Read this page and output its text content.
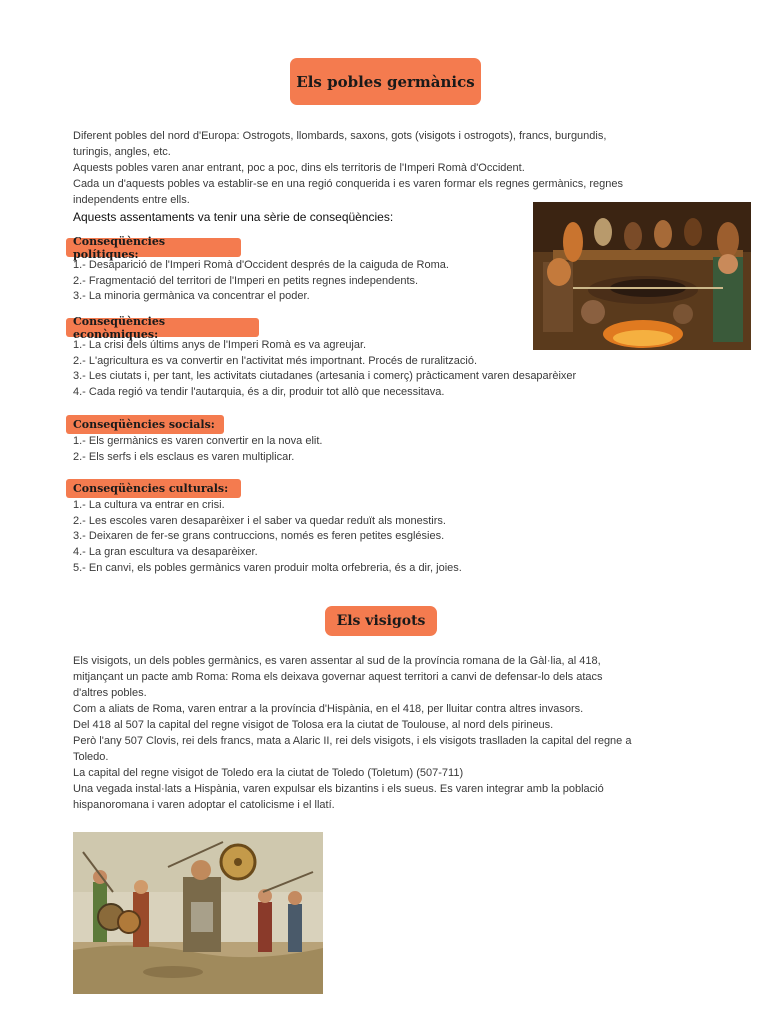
Els pobles germànics
Diferent pobles del nord d'Europa: Ostrogots, llombards, saxons, gots (visigots i ostrogots), francs, burgundis,
turingis, angles, etc.
Aquests pobles varen anar entrant, poc a poc, dins els territoris de l'Imperi Romà d'Occident.
Cada un d'aquests pobles va establir-se en una regió conquerida i es varen formar els regnes germànics, regnes
independents entre ells.
Aquests assentaments va tenir una sèrie de conseqüències:
Conseqüències polítiques:
1.- Desaparició de l'Imperi Romà d'Occident després de la caiguda de Roma.
2.- Fragmentació del territori de l'Imperi en petits regnes independents.
3.- La minoria germànica va concentrar el poder.
Conseqüències econòmiques:
1.- La crisi dels últims anys de l'Imperi Romà es va agreujar.
2.- L'agricultura es va convertir en l'activitat més importnant. Procés de ruralització.
3.- Les ciutats i, per tant, les activitats ciutadanes (artesania i comerç) pràcticament varen desaparèixer
4.- Cada regió va tendir l'autarquia, és a dir, produir tot allò que necessitava.
Conseqüències socials:
1.- Els germànics es varen convertir en la nova elit.
2.- Els serfs i els esclaus es varen multiplicar.
Conseqüències culturals:
1.- La cultura va entrar en crisi.
2.- Les escoles varen desaparèixer i el saber va quedar reduït als monestirs.
3.- Deixaren de fer-se grans contruccions, només es feren petites esglésies.
4.- La gran escultura va desaparèixer.
5.- En canvi, els pobles germànics varen produir molta orfebreria, és a dir, joies.
Els visigots
Els visigots, un dels pobles germànics, es varen assentar al sud de la província romana de la Gàl·lia, al 418,
mitjançant un pacte amb Roma: Roma els deixava governar aquest territori a canvi de defensar-lo dels atacs
d'altres pobles.
Com a aliats de Roma, varen entrar a la província d'Hispània, en el 418, per lluitar contra altres invasors.
Del 418 al 507 la capital del regne visigot de Tolosa era la ciutat de Toulouse, al nord dels pirineus.
Però l'any 507 Clovis, rei dels francs, mata a Alaric II, rei dels visigots, i els visigots traslladen la capital del regne a
Toledo.
La capital del regne visigot de Toledo era la ciutat de Toledo (Toletum) (507-711)
Una vegada instal·lats a Hispània, varen expulsar els bizantins i els sueus. Es varen integrar amb la població
hispanoromana i varen adoptar el catolicisme i el llatí.
